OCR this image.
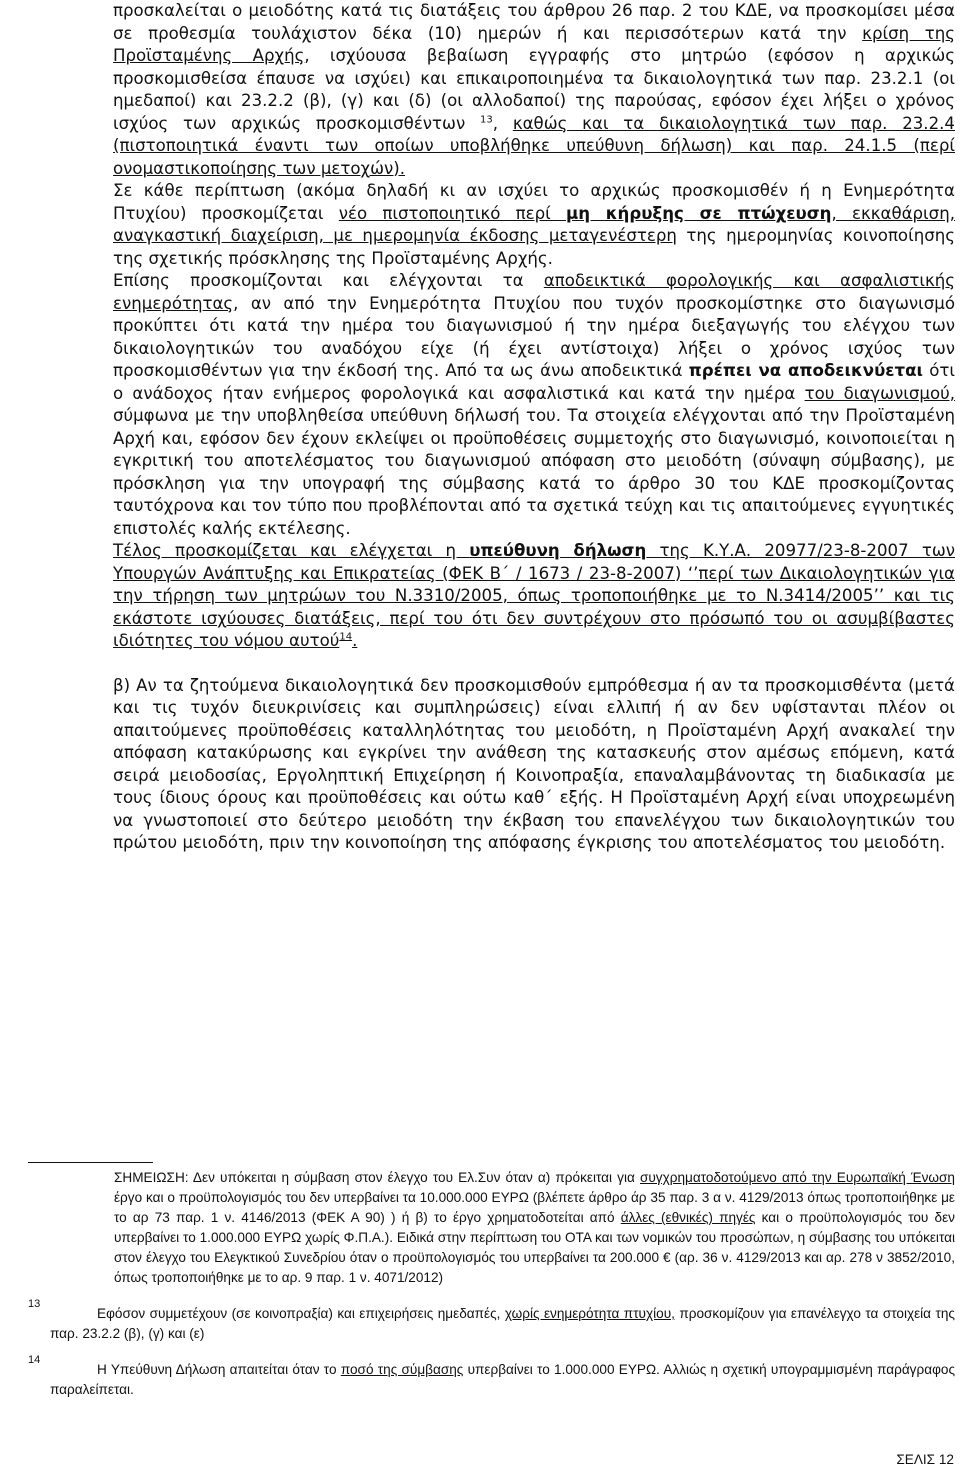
προσκαλείται ο μειοδότης κατά τις διατάξεις του άρθρου 26 παρ. 2 του ΚΔΕ, να προσκομίσει μέσα σε προθεσμία τουλάχιστον δέκα (10) ημερών ή και περισσότερων κατά την κρίση της Προϊσταμένης Αρχής, ισχύουσα βεβαίωση εγγραφής στο μητρώο (εφόσον η αρχικώς προσκομισθείσα έπαυσε να ισχύει) και επικαιροποιημένα τα δικαιολογητικά των παρ. 23.2.1 (οι ημεδαποί) και 23.2.2 (β), (γ) και (δ) (οι αλλοδαποί) της παρούσας, εφόσον έχει λήξει ο χρόνος ισχύος των αρχικώς προσκομισθέντων $^{13}$, καθώς και τα δικαιολογητικά των παρ. 23.2.4 (πιστοποιητικά έναντι των οποίων υποβλήθηκε υπεύθυνη δήλωση) και παρ. 24.1.5 (περί ονομαστικοποίησης των μετοχών).

Σε κάθε περίπτωση (ακόμα δηλαδή κι αν ισχύει το αρχικώς προσκομισθέν ή η Ενημερότητα Πτυχίου) προσκομίζεται νέο πιστοποιητικό περί μη κήρυξης σε πτώχευση, εκκαθάριση, αναγκαστική διαχείριση, με ημερομηνία έκδοσης μεταγενέστερη της ημερομηνίας κοινοποίησης της σχετικής πρόσκλησης της Προϊσταμένης Αρχής.

Επίσης προσκομίζονται και ελέγχονται τα αποδεικτικά φορολογικής και ασφαλιστικής ενημερότητας, αν από την Ενημερότητα Πτυχίου που τυχόν προσκομίστηκε στο διαγωνισμό προκύπτει ότι κατά την ημέρα του διαγωνισμού ή την ημέρα διεξαγωγής του ελέγχου των δικαιολογητικών του αναδόχου είχε (ή έχει αντίστοιχα) λήξει ο χρόνος ισχύος των προσκομισθέντων για την έκδοσή της. Από τα ως άνω αποδεικτικά πρέπει να αποδεικνύεται ότι ο ανάδοχος ήταν ενήμερος φορολογικά και ασφαλιστικά και κατά την ημέρα του διαγωνισμού, σύμφωνα με την υποβληθείσα υπεύθυνη δήλωσή του. Τα στοιχεία ελέγχονται από την Προϊσταμένη Αρχή και, εφόσον δεν έχουν εκλείψει οι προϋποθέσεις συμμετοχής στο διαγωνισμό, κοινοποιείται η εγκριτική του αποτελέσματος του διαγωνισμού απόφαση στο μειοδότη (σύναψη σύμβασης), με πρόσκληση για την υπογραφή της σύμβασης κατά το άρθρο 30 του ΚΔΕ προσκομίζοντας ταυτόχρονα και τον τύπο που προβλέπονται από τα σχετικά τεύχη και τις απαιτούμενες εγγυητικές επιστολές καλής εκτέλεσης.

Τέλος προσκομίζεται και ελέγχεται η υπεύθυνη δήλωση της Κ.Υ.Α. 20977/23-8-2007 των Υπουργών Ανάπτυξης και Επικρατείας (ΦΕΚ Β΄ / 1673 / 23-8-2007) ‘’περί των Δικαιολογητικών για την τήρηση των μητρώων του Ν.3310/2005, όπως τροποποιήθηκε με το Ν.3414/2005’’ και τις εκάστοτε ισχύουσες διατάξεις, περί του ότι δεν συντρέχουν στο πρόσωπό του οι ασυμβίβαστες ιδιότητες του νόμου αυτού$^{14}$.

β) Αν τα ζητούμενα δικαιολογητικά δεν προσκομισθούν εμπρόθεσμα ή αν τα προσκομισθέντα (μετά και τις τυχόν διευκρινίσεις και συμπληρώσεις) είναι ελλιπή ή αν δεν υφίστανται πλέον οι απαιτούμενες προϋποθέσεις καταλληλότητας του μειοδότη, η Προϊσταμένη Αρχή ανακαλεί την απόφαση κατακύρωσης και εγκρίνει την ανάθεση της κατασκευής στον αμέσως επόμενη, κατά σειρά μειοδοσίας, Εργοληπτική Επιχείρηση ή Κοινοπραξία, επαναλαμβάνοντας τη διαδικασία με τους ίδιους όρους και προϋποθέσεις και ούτω καθ΄ εξής. Η Προϊσταμένη Αρχή είναι υποχρεωμένη να γνωστοποιεί στο δεύτερο μειοδότη την έκβαση του επανελέγχου των δικαιολογητικών του πρώτου μειοδότη, πριν την κοινοποίηση της απόφασης έγκρισης του αποτελέσματος του μειοδότη.

ΣΗΜΕΙΩΣΗ: Δεν υπόκειται η σύμβαση στον έλεγχο του Ελ.Συν όταν α) πρόκειται για συγχρηματοδοτούμενο από την Ευρωπαϊκή Ένωση έργο και ο προϋπολογισμός του δεν υπερβαίνει τα 10.000.000 ΕΥΡΩ (βλέπετε άρθρο άρ 35 παρ. 3 α ν. 4129/2013 όπως τροποποιήθηκε με το αρ 73 παρ. 1 ν. 4146/2013 (ΦΕΚ Α 90) ) ή β) το έργο χρηματοδοτείται από άλλες (εθνικές) πηγές και ο προϋπολογισμός του δεν υπερβαίνει το 1.000.000 ΕΥΡΩ χωρίς Φ.Π.Α.). Ειδικά στην περίπτωση του ΟΤΑ και των νομικών του προσώπων, η σύμβασης του υπόκειται στον έλεγχο του Ελεγκτικού Συνεδρίου όταν ο προϋπολογισμός του υπερβαίνει τα 200.000 € (αρ. 36 ν. 4129/2013 και αρ. 278 ν 3852/2010, όπως τροποποιήθηκε με το αρ. 9 παρ. 1 ν. 4071/2012)

13
Εφόσον συμμετέχουν (σε κοινοπραξία) και επιχειρήσεις ημεδαπές, χωρίς ενημερότητα πτυχίου, προσκομίζουν για επανέλεγχο τα στοιχεία της παρ. 23.2.2 (β), (γ) και (ε)

14
Η Υπεύθυνη Δήλωση απαιτείται όταν το ποσό της σύμβασης υπερβαίνει το 1.000.000 ΕΥΡΩ. Αλλιώς η σχετική υπογραμμισμένη παράγραφος παραλείπεται.

ΣΕΛΙΣ 12
